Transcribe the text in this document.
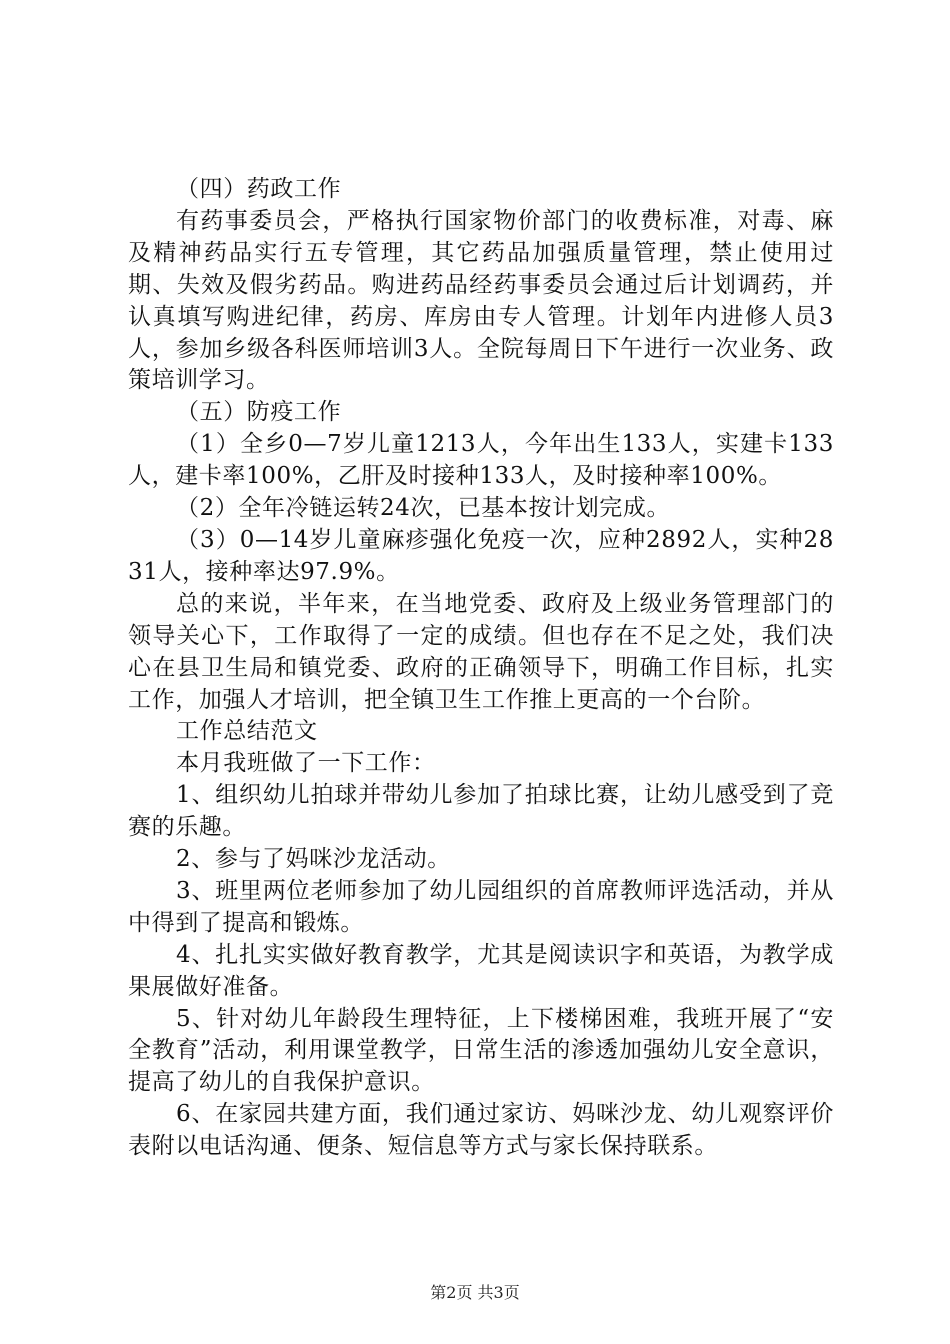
（四）药政工作

有药事委员会，严格执行国家物价部门的收费标准，对毒、麻及精神药品实行五专管理，其它药品加强质量管理，禁止使用过期、失效及假劣药品。购进药品经药事委员会通过后计划调药，并认真填写购进纪律，药房、库房由专人管理。计划年内进修人员3人，参加乡级各科医师培训3人。全院每周日下午进行一次业务、政策培训学习。

（五）防疫工作

（1）全乡0—7岁儿童1213人，今年出生133人，实建卡133人，建卡率100%，乙肝及时接种133人，及时接种率100%。

（2）全年冷链运转24次，已基本按计划完成。

（3）0—14岁儿童麻疹强化免疫一次，应种2892人，实种2831人，接种率达97.9%。

总的来说，半年来，在当地党委、政府及上级业务管理部门的领导关心下，工作取得了一定的成绩。但也存在不足之处，我们决心在县卫生局和镇党委、政府的正确领导下，明确工作目标，扎实工作，加强人才培训，把全镇卫生工作推上更高的一个台阶。

工作总结范文

本月我班做了一下工作：

1、组织幼儿拍球并带幼儿参加了拍球比赛，让幼儿感受到了竞赛的乐趣。

2、参与了妈咪沙龙活动。

3、班里两位老师参加了幼儿园组织的首席教师评选活动，并从中得到了提高和锻炼。

4、扎扎实实做好教育教学，尤其是阅读识字和英语，为教学成果展做好准备。

5、针对幼儿年龄段生理特征，上下楼梯困难，我班开展了“安全教育”活动，利用课堂教学，日常生活的渗透加强幼儿安全意识，提高了幼儿的自我保护意识。

6、在家园共建方面，我们通过家访、妈咪沙龙、幼儿观察评价表附以电话沟通、便条、短信息等方式与家长保持联系。

第2页 共3页
